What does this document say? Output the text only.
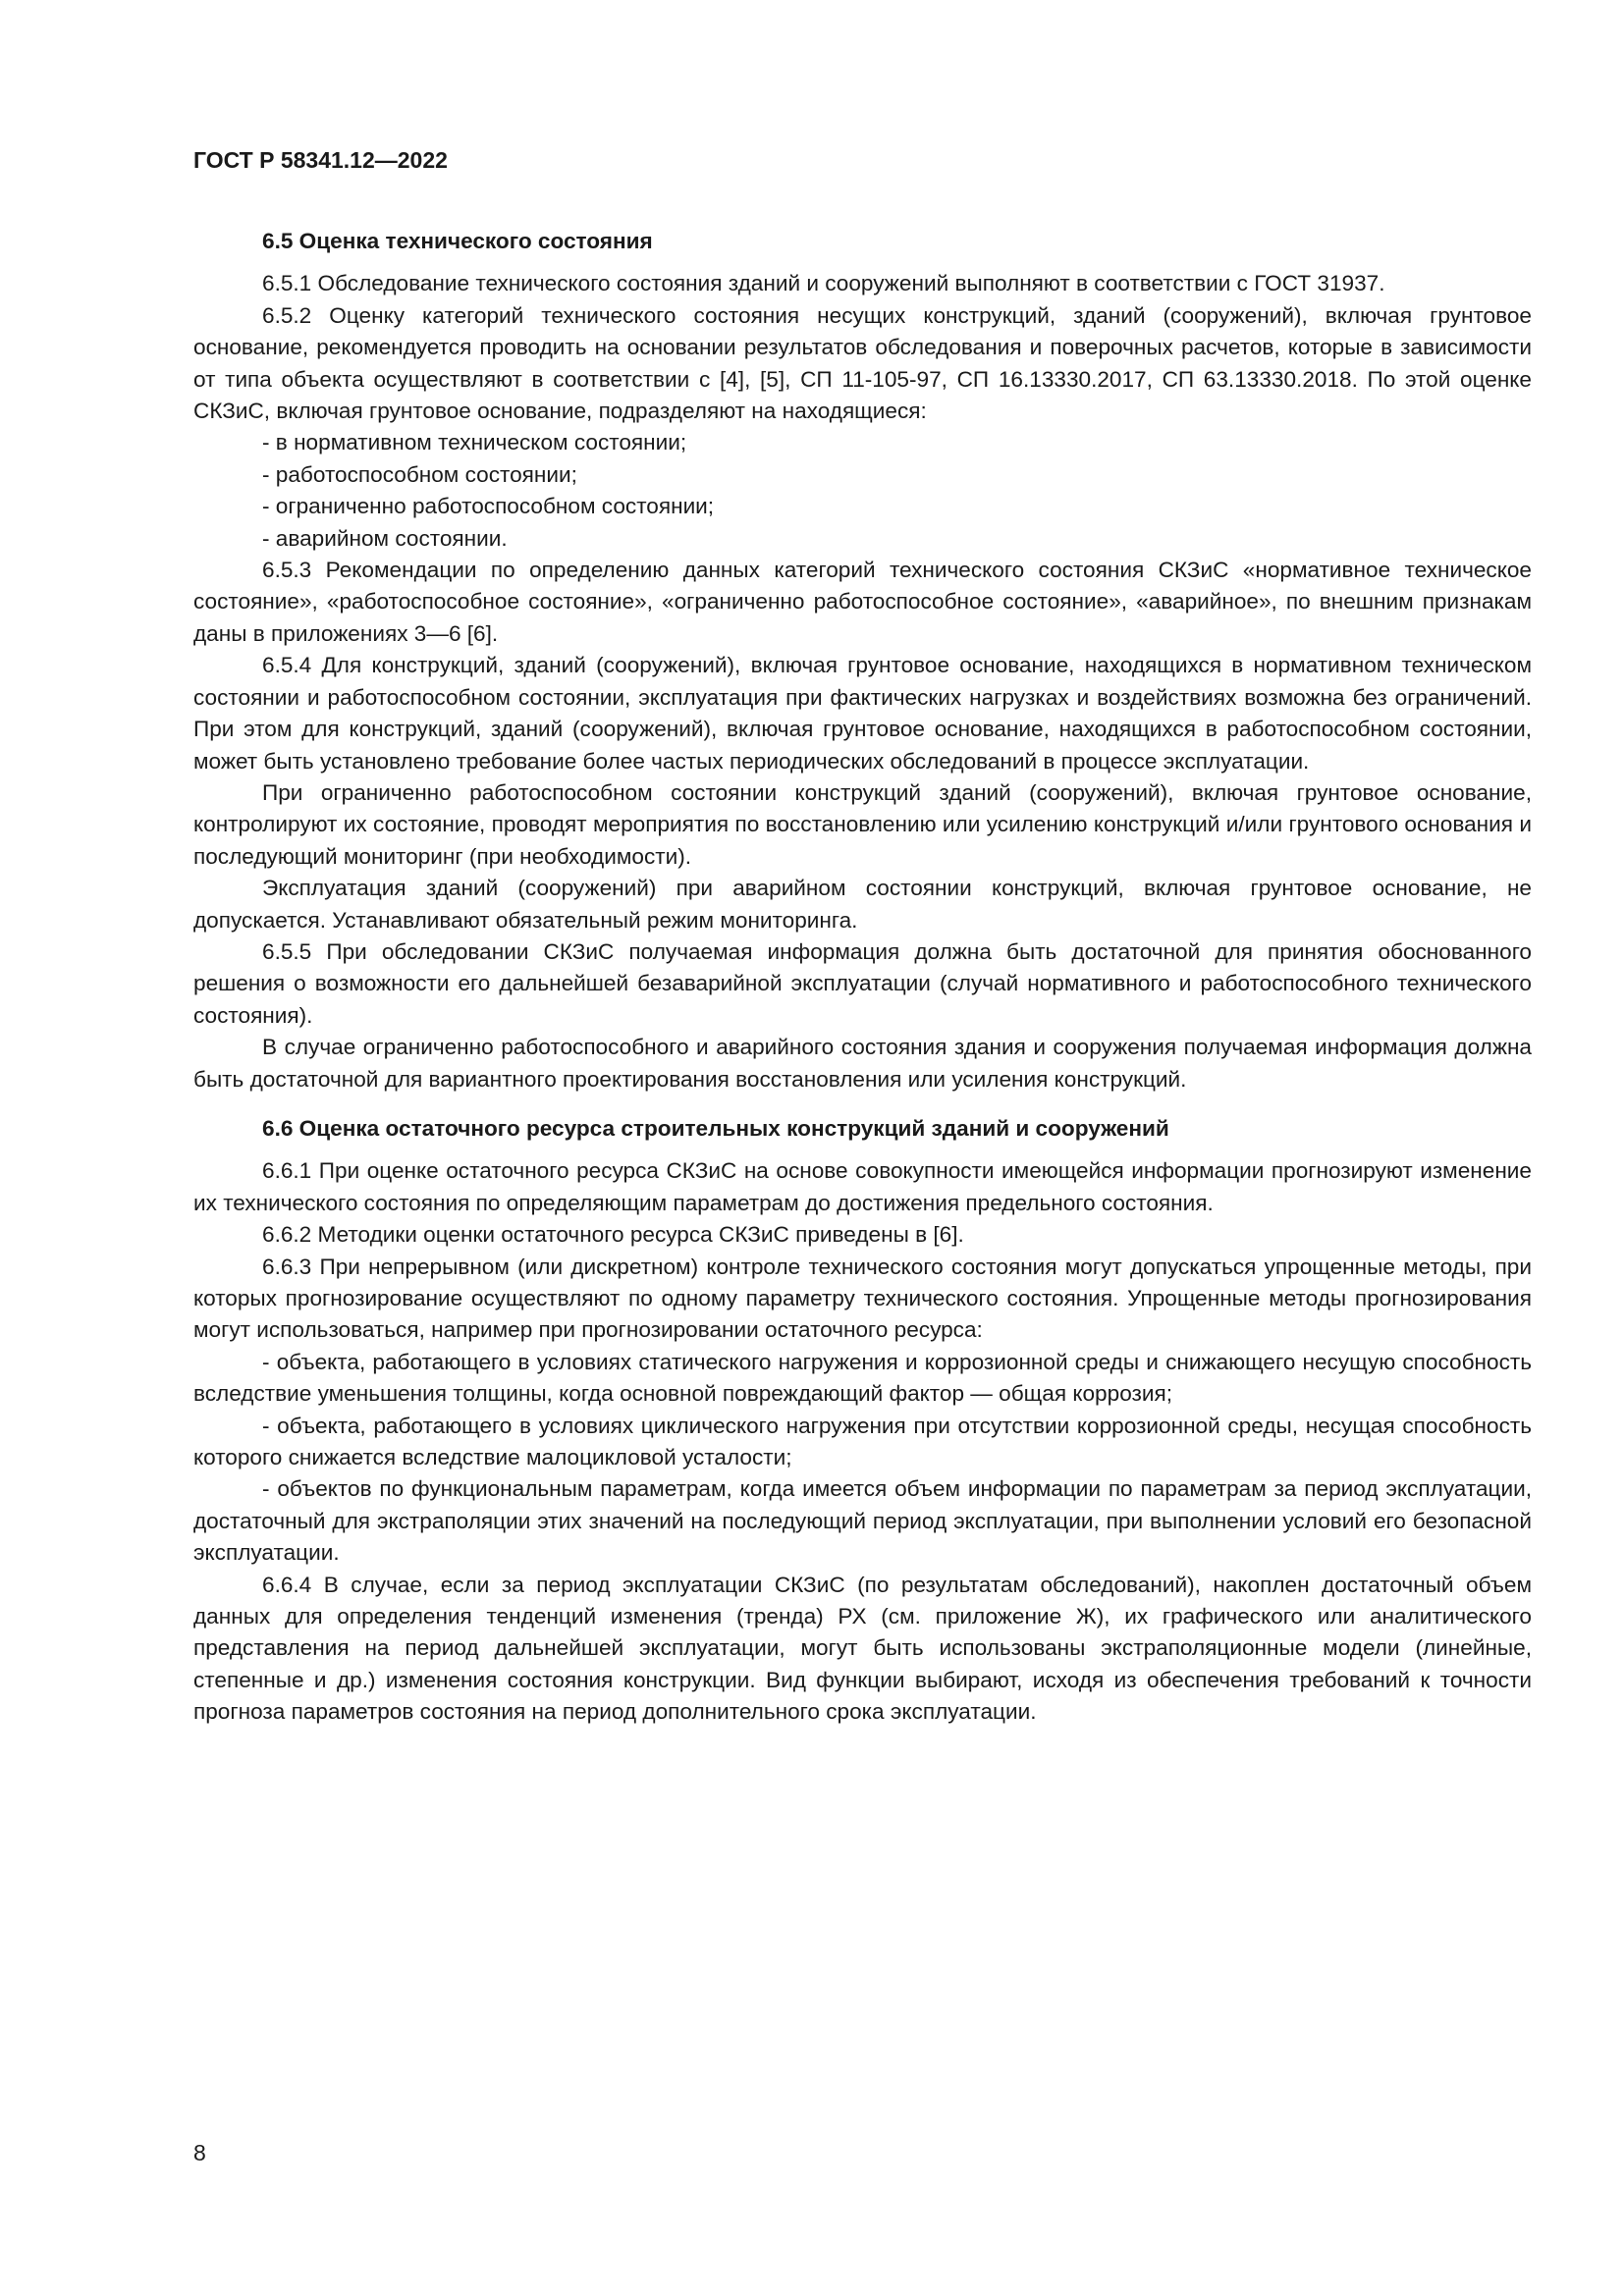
ГОСТ Р 58341.12—2022
6.5 Оценка технического состояния

6.5.1 Обследование технического состояния зданий и сооружений выполняют в соответствии с ГОСТ 31937.

6.5.2 Оценку категорий технического состояния несущих конструкций, зданий (сооружений), включая грунтовое основание, рекомендуется проводить на основании результатов обследования и поверочных расчетов, которые в зависимости от типа объекта осуществляют в соответствии с [4], [5], СП 11-105-97, СП 16.13330.2017, СП 63.13330.2018. По этой оценке СКЗиС, включая грунтовое основание, подразделяют на находящиеся:

- в нормативном техническом состоянии;
- работоспособном состоянии;
- ограниченно работоспособном состоянии;
- аварийном состоянии.

6.5.3 Рекомендации по определению данных категорий технического состояния СКЗиС «нормативное техническое состояние», «работоспособное состояние», «ограниченно работоспособное состояние», «аварийное», по внешним признакам даны в приложениях 3—6 [6].

6.5.4 Для конструкций, зданий (сооружений), включая грунтовое основание, находящихся в нормативном техническом состоянии и работоспособном состоянии, эксплуатация при фактических нагрузках и воздействиях возможна без ограничений. При этом для конструкций, зданий (сооружений), включая грунтовое основание, находящихся в работоспособном состоянии, может быть установлено требование более частых периодических обследований в процессе эксплуатации.

При ограниченно работоспособном состоянии конструкций зданий (сооружений), включая грунтовое основание, контролируют их состояние, проводят мероприятия по восстановлению или усилению конструкций и/или грунтового основания и последующий мониторинг (при необходимости).

Эксплуатация зданий (сооружений) при аварийном состоянии конструкций, включая грунтовое основание, не допускается. Устанавливают обязательный режим мониторинга.

6.5.5 При обследовании СКЗиС получаемая информация должна быть достаточной для принятия обоснованного решения о возможности его дальнейшей безаварийной эксплуатации (случай нормативного и работоспособного технического состояния).

В случае ограниченно работоспособного и аварийного состояния здания и сооружения получаемая информация должна быть достаточной для вариантного проектирования восстановления или усиления конструкций.

6.6 Оценка остаточного ресурса строительных конструкций зданий и сооружений

6.6.1 При оценке остаточного ресурса СКЗиС на основе совокупности имеющейся информации прогнозируют изменение их технического состояния по определяющим параметрам до достижения предельного состояния.

6.6.2 Методики оценки остаточного ресурса СКЗиС приведены в [6].

6.6.3 При непрерывном (или дискретном) контроле технического состояния могут допускаться упрощенные методы, при которых прогнозирование осуществляют по одному параметру технического состояния. Упрощенные методы прогнозирования могут использоваться, например при прогнозировании остаточного ресурса:

- объекта, работающего в условиях статического нагружения и коррозионной среды и снижающего несущую способность вследствие уменьшения толщины, когда основной повреждающий фактор — общая коррозия;

- объекта, работающего в условиях циклического нагружения при отсутствии коррозионной среды, несущая способность которого снижается вследствие малоцикловой усталости;

- объектов по функциональным параметрам, когда имеется объем информации по параметрам за период эксплуатации, достаточный для экстраполяции этих значений на последующий период эксплуатации, при выполнении условий его безопасной эксплуатации.

6.6.4 В случае, если за период эксплуатации СКЗиС (по результатам обследований), накоплен достаточный объем данных для определения тенденций изменения (тренда) РХ (см. приложение Ж), их графического или аналитического представления на период дальнейшей эксплуатации, могут быть использованы экстраполяционные модели (линейные, степенные и др.) изменения состояния конструкции. Вид функции выбирают, исходя из обеспечения требований к точности прогноза параметров состояния на период дополнительного срока эксплуатации.

8
